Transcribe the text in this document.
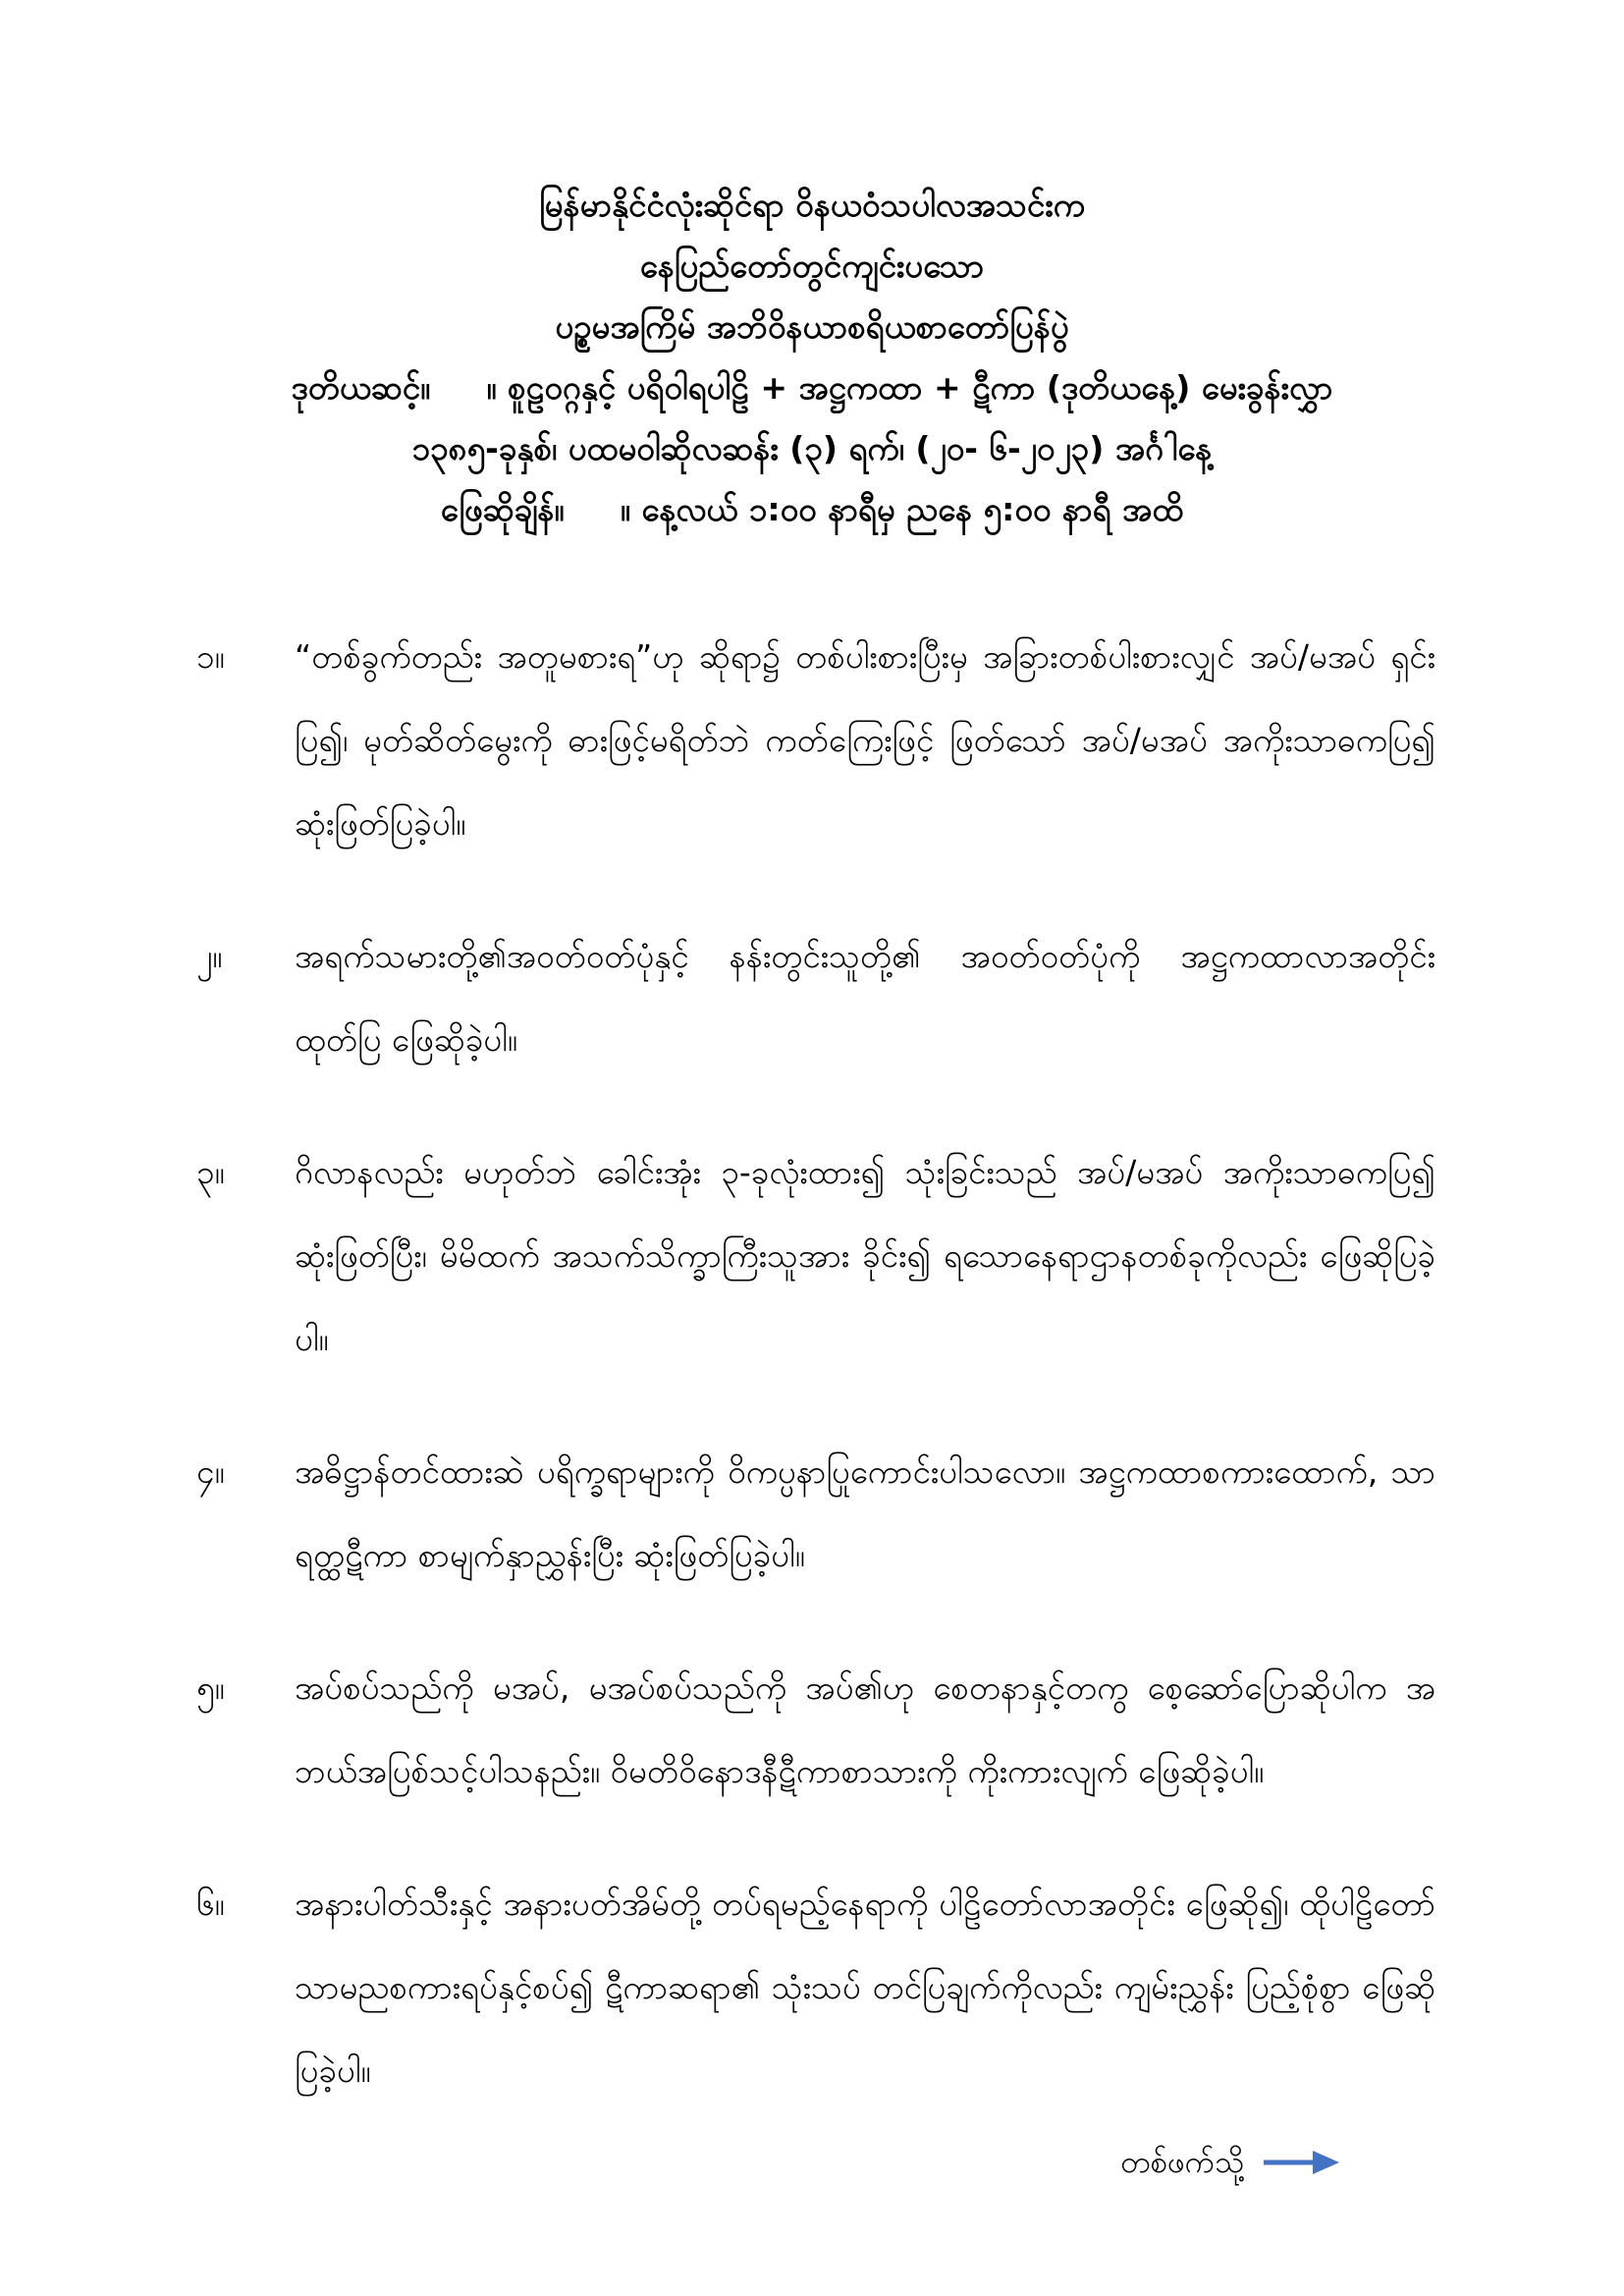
မြန်မာနိုင်ငံလုံးဆိုင်ရာ ဝိနယဝံသပါလအသင်းက
နေပြည်တော်တွင်ကျင်းပသော
ပဉ္စမအကြိမ် အဘိဝိနယာစရိယစာတော်ပြန်ပွဲ
ဒုတိယဆင့်။     ။ စူဠဝဂ္ဂနှင့် ပရိဝါရပါဠိ + အဋ္ဌကထာ + ဋီကာ (ဒုတိယနေ့) မေးခွန်းလွှာ
၁၃၈၅-ခုနှစ်၊ ပထမဝါဆိုလဆန်း (၃) ရက်၊ (၂၀- ၆-၂၀၂၃) အင်္ဂါနေ့
ဖြေဆိုချိန်။     ။ နေ့လယ် ၁:၀၀ နာရီမှ ညနေ ၅:၀၀ နာရီ အထိ
၁။	“တစ်ခွက်တည်း အတူမစားရ”ဟု ဆိုရာ၌ တစ်ပါးစားပြီးမှ အခြားတစ်ပါးစားလျှင် အပ်/မအပ် ရှင်းပြ၍၊ မုတ်ဆိတ်မွေးကို ဓားဖြင့်မရိတ်ဘဲ ကတ်ကြေးဖြင့် ဖြတ်သော် အပ်/မအပ် အကိုးသာဓကပြ၍ ဆုံးဖြတ်ပြခဲ့ပါ။
၂။	အရက်သမားတို့၏အဝတ်ဝတ်ပုံနှင့် နန်းတွင်းသူတို့၏ အဝတ်ဝတ်ပုံကို အဋ္ဌကထာလာအတိုင်း ထုတ်ပြ ဖြေဆိုခဲ့ပါ။
၃။	ဂိလာနလည်း မဟုတ်ဘဲ ခေါင်းအုံး ၃-ခုလုံးထား၍ သုံးခြင်းသည် အပ်/မအပ် အကိုးသာဓကပြ၍ ဆုံးဖြတ်ပြီး၊ မိမိထက် အသက်သိက္ခာကြီးသူအား ခိုင်း၍ ရသောနေရာဌာနတစ်ခုကိုလည်း ဖြေဆိုပြခဲ့ပါ။
၄။	အဓိဋ္ဌာန်တင်ထားဆဲ ပရိက္ခရာများကို ဝိကပ္ပနာပြုကောင်းပါသလော။ အဋ္ဌကထာစကားထောက်, သာရတ္ထဋီကာ စာမျက်နှာညွှန်းပြီး ဆုံးဖြတ်ပြခဲ့ပါ။
၅။	အပ်စပ်သည်ကို မအပ်, မအပ်စပ်သည်ကို အပ်၏ဟု စေတနာနှင့်တကွ စေ့ဆော်ပြောဆိုပါက အဘယ်အပြစ်သင့်ပါသနည်း။ ဝိမတိဝိနောဒနီဋီကာစာသားကို ကိုးကားလျက် ဖြေဆိုခဲ့ပါ။
၆။	အနားပါတ်သီးနှင့် အနားပတ်အိမ်တို့ တပ်ရမည့်နေရာကို ပါဠိတော်လာအတိုင်း ဖြေဆို၍၊ ထိုပါဠိတော် သာမညစကားရပ်နှင့်စပ်၍ ဋီကာဆရာ၏ သုံးသပ် တင်ပြချက်ကိုလည်း ကျမ်းညွှန်း ပြည့်စုံစွာ ဖြေဆိုပြခဲ့ပါ။
တစ်ဖက်သို့
